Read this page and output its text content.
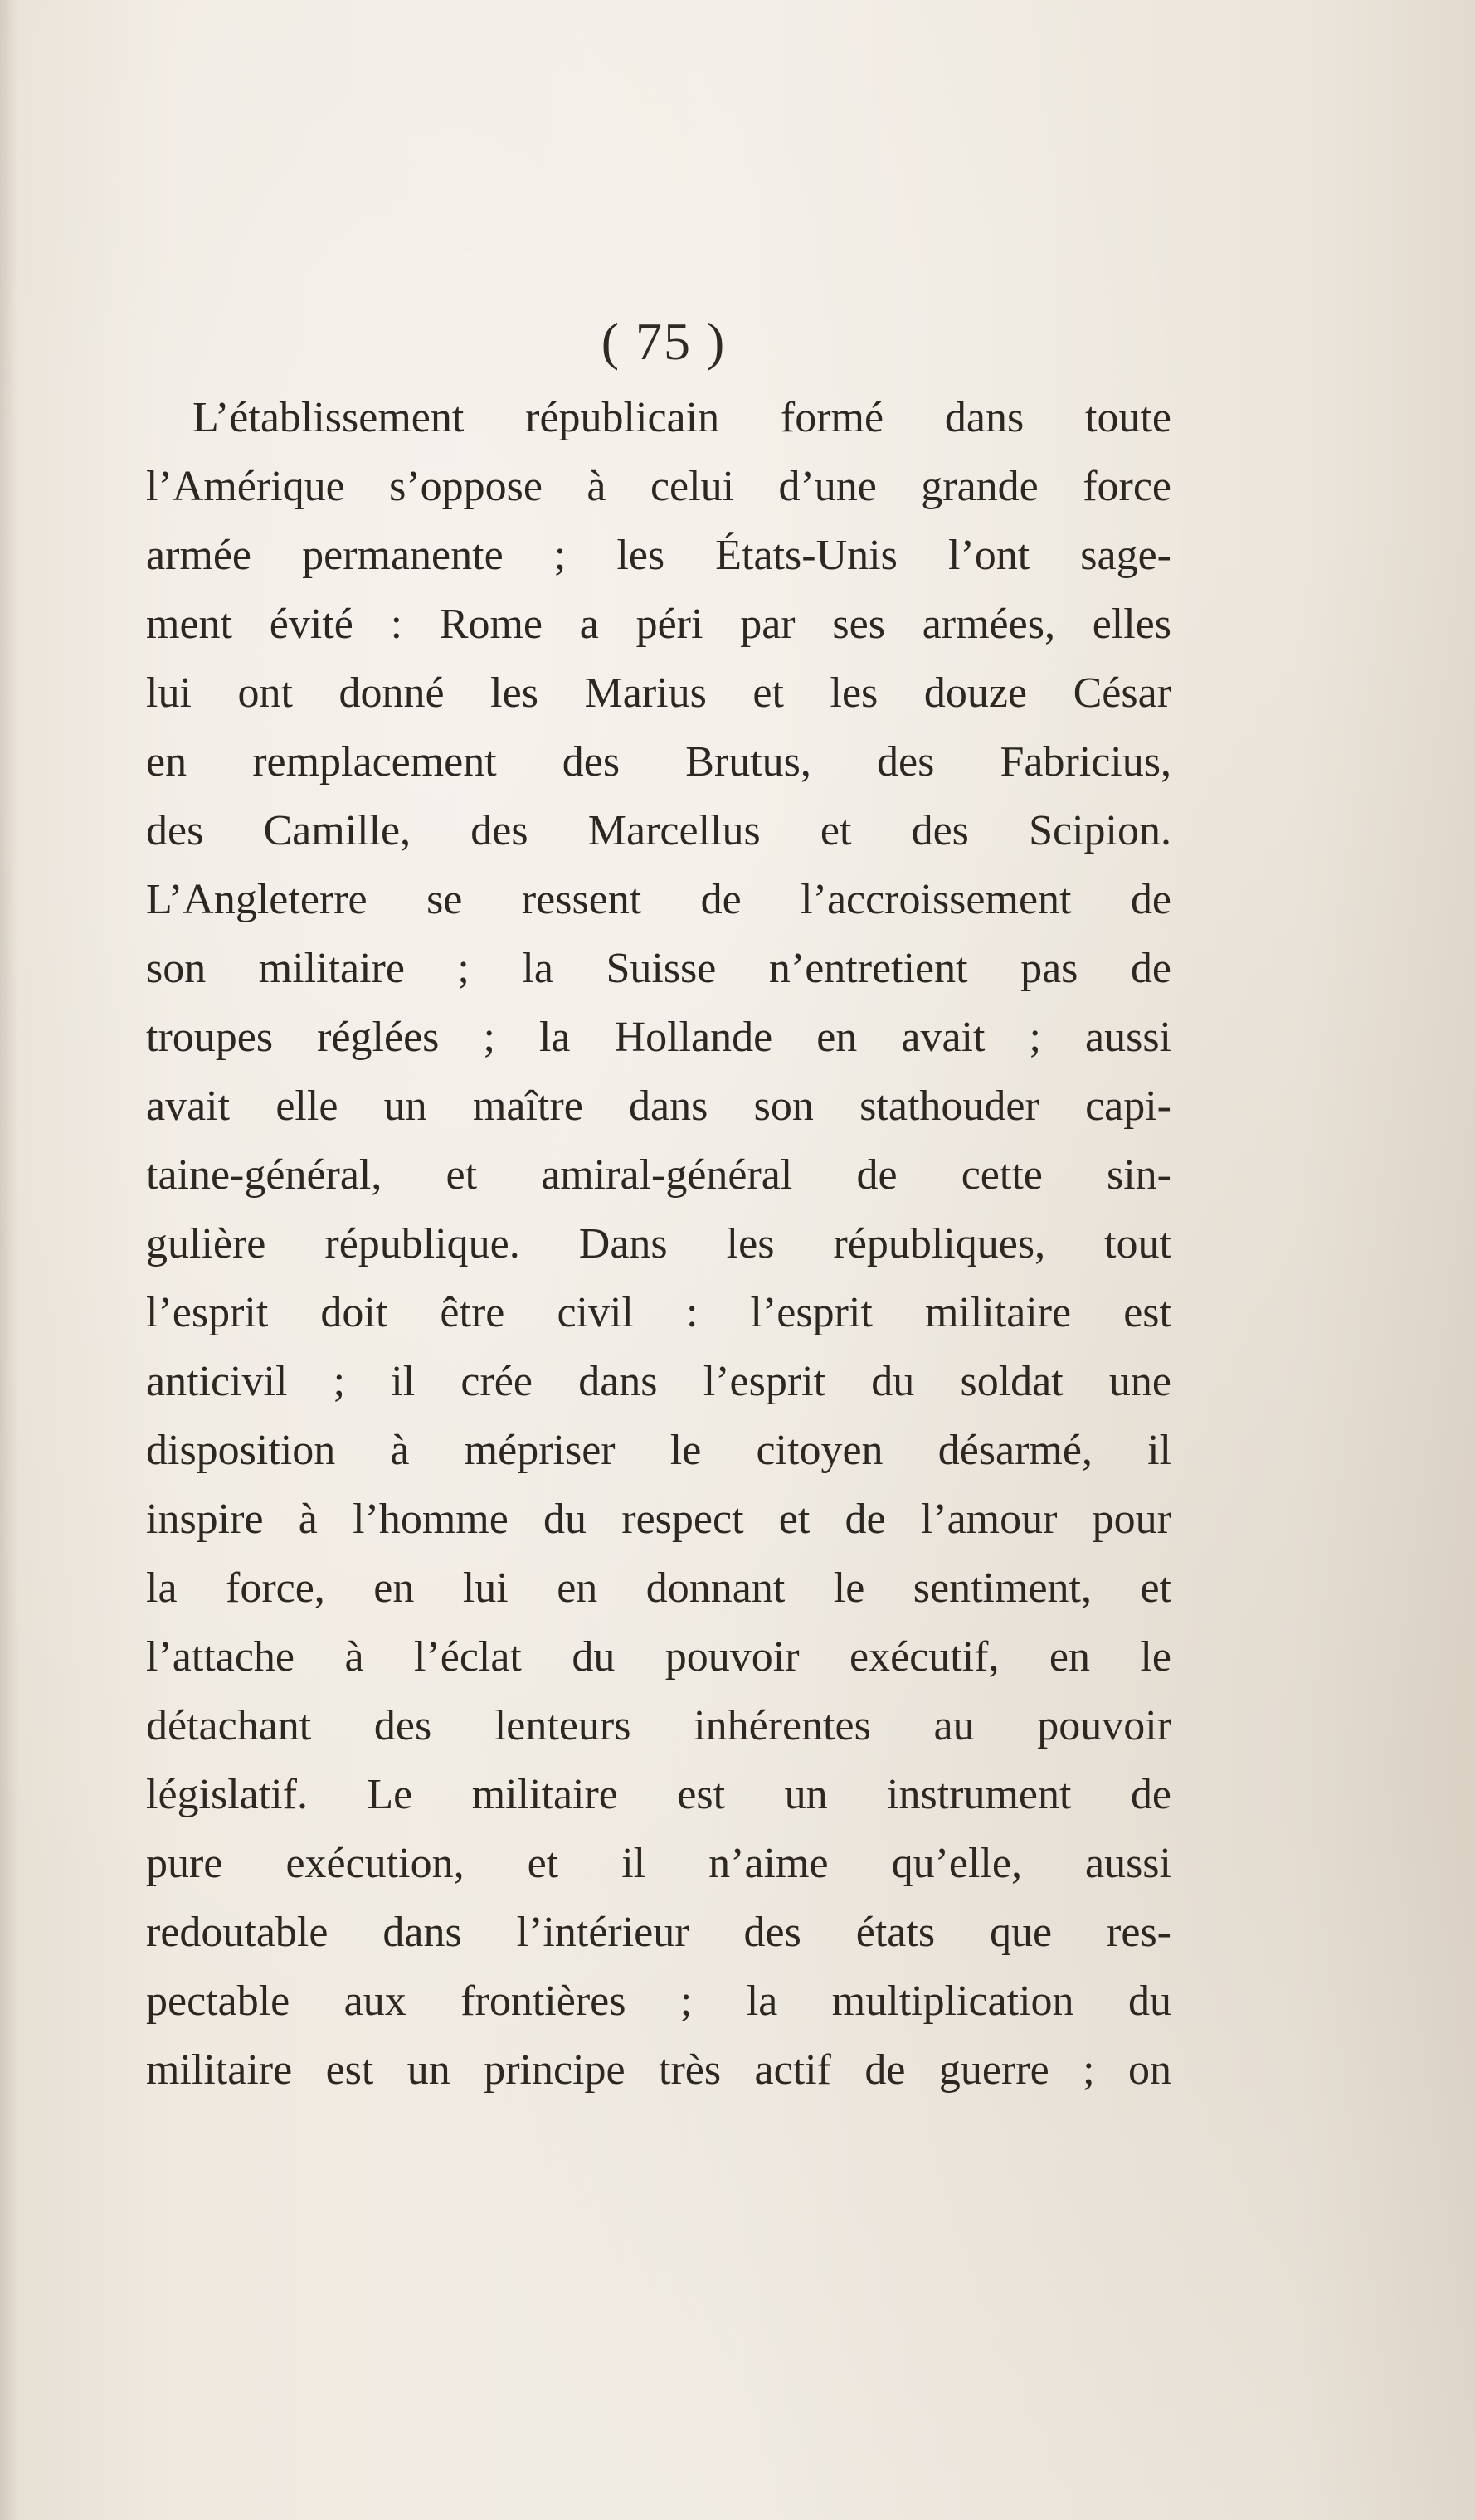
( 75 )
L’établissement républicain formé dans toute
l’Amérique s’oppose à celui d’une grande force
armée permanente ; les États-Unis l’ont sage-
ment évité : Rome a péri par ses armées, elles
lui ont donné les Marius et les douze César
en remplacement des Brutus, des Fabricius,
des Camille, des Marcellus et des Scipion.
L’Angleterre se ressent de l’accroissement de
son militaire ; la Suisse n’entretient pas de
troupes réglées ; la Hollande en avait ; aussi
avait elle un maître dans son stathouder capi-
taine-général, et amiral-général de cette sin-
gulière république. Dans les républiques, tout
l’esprit doit être civil : l’esprit militaire est
anticivil ; il crée dans l’esprit du soldat une
disposition à mépriser le citoyen désarmé, il
inspire à l’homme du respect et de l’amour pour
la force, en lui en donnant le sentiment, et
l’attache à l’éclat du pouvoir exécutif, en le
détachant des lenteurs inhérentes au pouvoir
législatif. Le militaire est un instrument de
pure exécution, et il n’aime qu’elle, aussi
redoutable dans l’intérieur des états que res-
pectable aux frontières ; la multiplication du
militaire est un principe très actif de guerre ; on
